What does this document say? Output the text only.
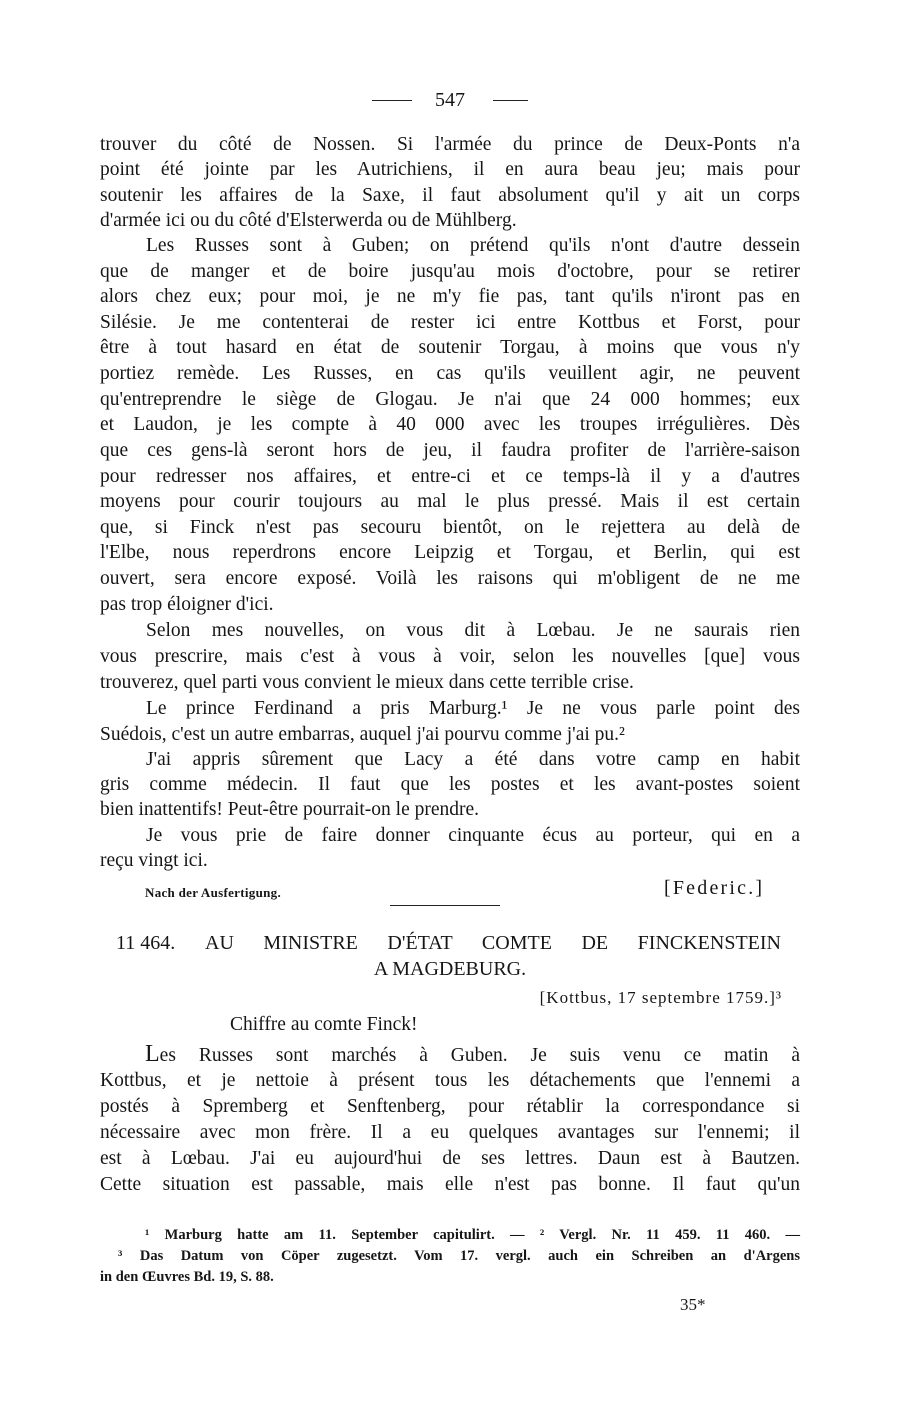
547
trouver du côté de Nossen. Si l'armée du prince de Deux-Ponts n'a
point été jointe par les Autrichiens, il en aura beau jeu; mais pour
soutenir les affaires de la Saxe, il faut absolument qu'il y ait un corps
d'armée ici ou du côté d'Elsterwerda ou de Mühlberg.
Les Russes sont à Guben; on prétend qu'ils n'ont d'autre dessein
que de manger et de boire jusqu'au mois d'octobre, pour se retirer
alors chez eux; pour moi, je ne m'y fie pas, tant qu'ils n'iront pas en
Silésie. Je me contenterai de rester ici entre Kottbus et Forst, pour
être à tout hasard en état de soutenir Torgau, à moins que vous n'y
portiez remède. Les Russes, en cas qu'ils veuillent agir, ne peuvent
qu'entreprendre le siège de Glogau. Je n'ai que 24 000 hommes; eux
et Laudon, je les compte à 40 000 avec les troupes irrégulières. Dès
que ces gens-là seront hors de jeu, il faudra profiter de l'arrière-saison
pour redresser nos affaires, et entre-ci et ce temps-là il y a d'autres
moyens pour courir toujours au mal le plus pressé. Mais il est certain
que, si Finck n'est pas secouru bientôt, on le rejettera au delà de
l'Elbe, nous reperdrons encore Leipzig et Torgau, et Berlin, qui est
ouvert, sera encore exposé. Voilà les raisons qui m'obligent de ne me
pas trop éloigner d'ici.
Selon mes nouvelles, on vous dit à Lœbau. Je ne saurais rien
vous prescrire, mais c'est à vous à voir, selon les nouvelles [que] vous
trouverez, quel parti vous convient le mieux dans cette terrible crise.
Le prince Ferdinand a pris Marburg.¹ Je ne vous parle point des
Suédois, c'est un autre embarras, auquel j'ai pourvu comme j'ai pu.²
J'ai appris sûrement que Lacy a été dans votre camp en habit
gris comme médecin. Il faut que les postes et les avant-postes soient
bien inattentifs! Peut-être pourrait-on le prendre.
Je vous prie de faire donner cinquante écus au porteur, qui en a
reçu vingt ici.
Nach der Ausfertigung.	[Federic.]
11 464. AU MINISTRE D'ÉTAT COMTE DE FINCKENSTEIN
A MAGDEBURG.
[Kottbus, 17 septembre 1759.]³
Chiffre au comte Finck!
Les Russes sont marchés à Guben. Je suis venu ce matin à
Kottbus, et je nettoie à présent tous les détachements que l'ennemi a
postés à Spremberg et Senftenberg, pour rétablir la correspondance si
nécessaire avec mon frère. Il a eu quelques avantages sur l'ennemi; il
est à Lœbau. J'ai eu aujourd'hui de ses lettres. Daun est à Bautzen.
Cette situation est passable, mais elle n'est pas bonne. Il faut qu'un
¹ Marburg hatte am 11. September capitulirt. — ² Vergl. Nr. 11 459. 11 460. —
³ Das Datum von Cöper zugesetzt. Vom 17. vergl. auch ein Schreiben an d'Argens
in den Œuvres Bd. 19, S. 88.
35*
